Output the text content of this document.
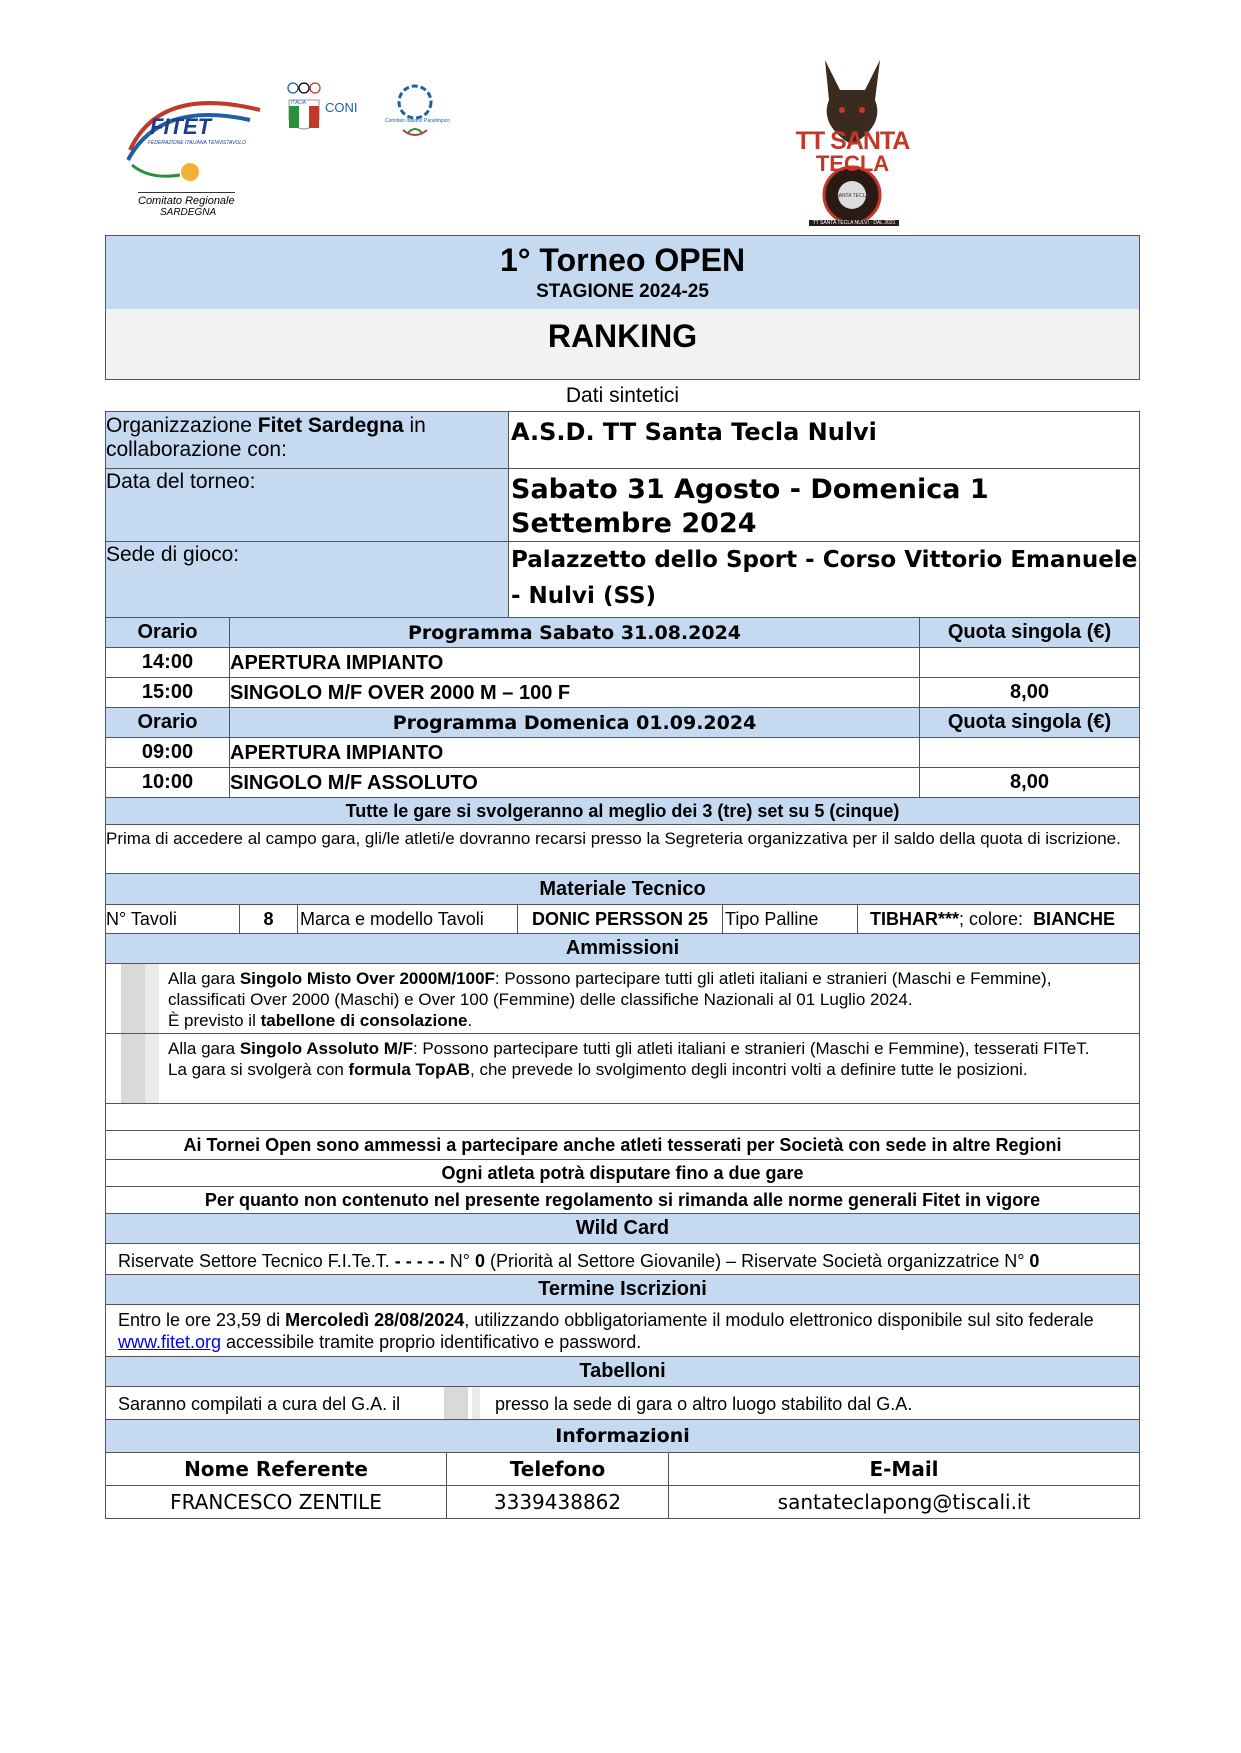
FITET
FEDERAZIONE ITALIANA TENNISTAVOLO
Comitato Regionale
SARDEGNA
ITALIA CONI
Comitato Italiano Paralimpico
TT SANTA
TECLA
TT SANTA TECLA NULVI · DAL 2021
SANTA TECLA
1° Torneo OPEN
STAGIONE 2024-25
RANKING
Dati sintetici
Organizzazione Fitet Sardegna in collaborazione con:
A.S.D. TT Santa Tecla Nulvi
Data del torneo:	Sabato 31 Agosto - Domenica 1 Settembre 2024
Sede di gioco:	Palazzetto dello Sport - Corso Vittorio Emanuele - Nulvi (SS)
Orario	Programma Sabato 31.08.2024	Quota singola (€)
14:00	APERTURA IMPIANTO
15:00	SINGOLO M/F OVER 2000 M – 100 F	8,00
Orario	Programma Domenica 01.09.2024	Quota singola (€)
09:00	APERTURA IMPIANTO
10:00	SINGOLO M/F ASSOLUTO	8,00
Tutte le gare si svolgeranno al meglio dei 3 (tre) set su 5 (cinque)
Prima di accedere al campo gara, gli/le atleti/e dovranno recarsi presso la Segreteria organizzativa per il saldo della quota di iscrizione.
Materiale Tecnico
N° Tavoli	8	Marca e modello Tavoli	DONIC PERSSON 25 Tipo Palline	TIBHAR***; colore: BIANCHE
Ammissioni
Alla gara Singolo Misto Over 2000M/100F: Possono partecipare tutti gli atleti italiani e stranieri (Maschi e Femmine), classificati Over 2000 (Maschi) e Over 100 (Femmine) delle classifiche Nazionali al 01 Luglio 2024.
È previsto il tabellone di consolazione.
Alla gara Singolo Assoluto M/F: Possono partecipare tutti gli atleti italiani e stranieri (Maschi e Femmine), tesserati FITeT.
La gara si svolgerà con formula TopAB, che prevede lo svolgimento degli incontri volti a definire tutte le posizioni.
Ai Tornei Open sono ammessi a partecipare anche atleti tesserati per Società con sede in altre Regioni
Ogni atleta potrà disputare fino a due gare
Per quanto non contenuto nel presente regolamento si rimanda alle norme generali Fitet in vigore
Wild Card
Riservate Settore Tecnico F.I.Te.T. - - - - - N° 0 (Priorità al Settore Giovanile) – Riservate Società organizzatrice N° 0
Termine Iscrizioni
Entro le ore 23,59 di Mercoledì 28/08/2024, utilizzando obbligatoriamente il modulo elettronico disponibile sul sito federale www.fitet.org accessibile tramite proprio identificativo e password.
Tabelloni
Saranno compilati a cura del G.A. il	presso la sede di gara o altro luogo stabilito dal G.A.
Informazioni
Nome Referente	Telefono	E-Mail
FRANCESCO ZENTILE	3339438862	santateclapong@tiscali.it
